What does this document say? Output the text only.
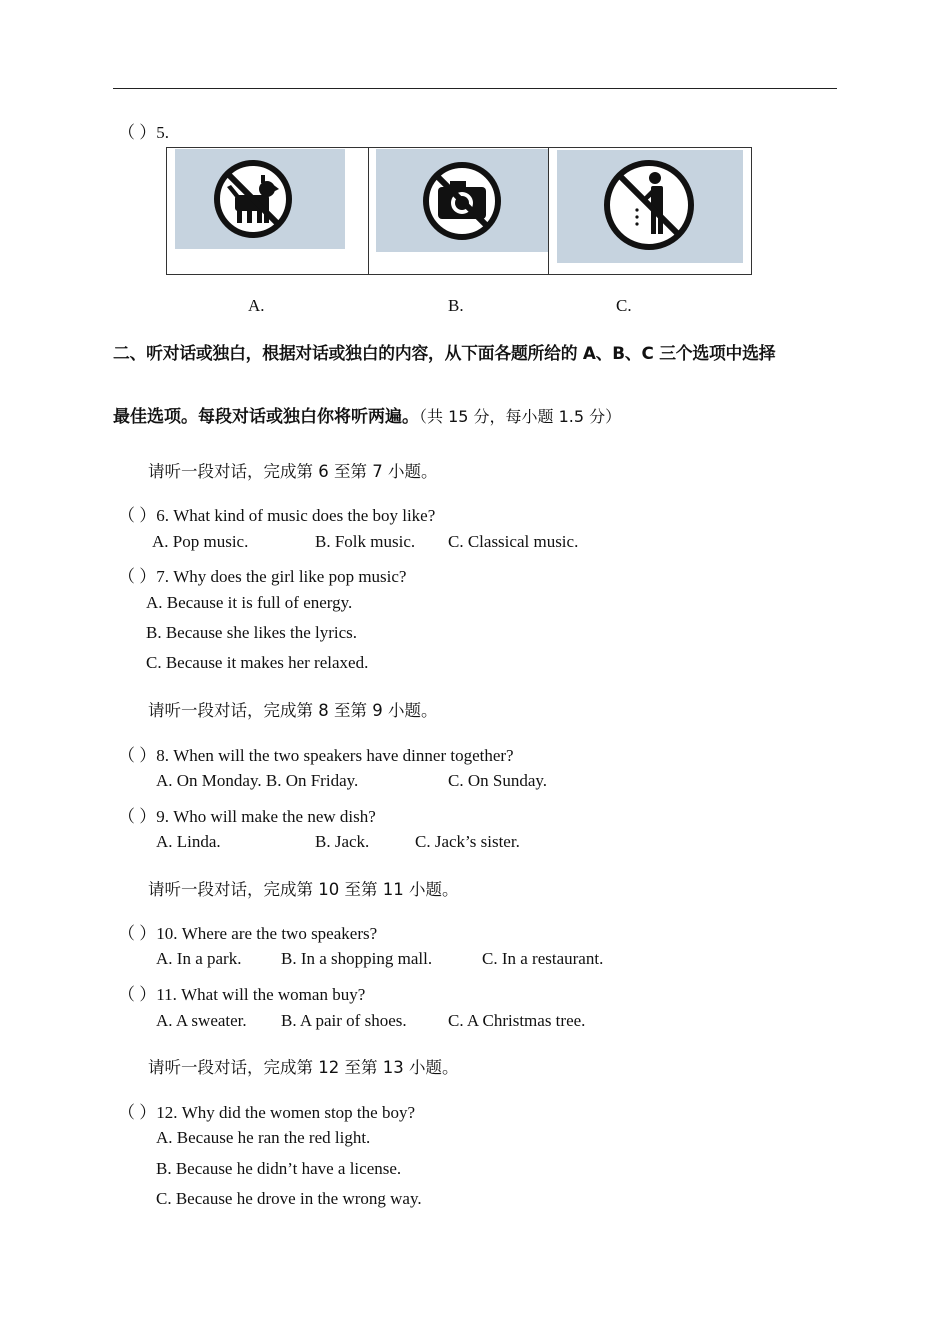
（ ）5.
A.	B.	C.
二、听对话或独白，根据对话或独白的内容，从下面各题所给的 A、B、C 三个选项中选择
最佳选项。每段对话或独白你将听两遍。（共 15 分，每小题 1.5 分）
请听一段对话，完成第 6 至第 7 小题。
（ ）6. What kind of music does the boy like?
A. Pop music.	B. Folk music. C. Classical music.
（ ）7. Why does the girl like pop music?
A. Because it is full of energy.
B. Because she likes the lyrics.
C. Because it makes her relaxed.
请听一段对话，完成第 8 至第 9 小题。
（ ）8. When will the two speakers have dinner together?
A. On Monday. B. On Friday.	C. On Sunday.
（ ）9. Who will make the new dish?
A. Linda.	B. Jack.	C. Jack’s sister.
请听一段对话，完成第 10 至第 11 小题。
（ ）10. Where are the two speakers?
A. In a park. B. In a shopping mall.	C. In a restaurant.
（ ）11. What will the woman buy?
A. A sweater. B. A pair of shoes. C. A Christmas tree.
请听一段对话，完成第 12 至第 13 小题。
（ ）12. Why did the women stop the boy?
A. Because he ran the red light.
B. Because he didn’t have a license.
C. Because he drove in the wrong way.
